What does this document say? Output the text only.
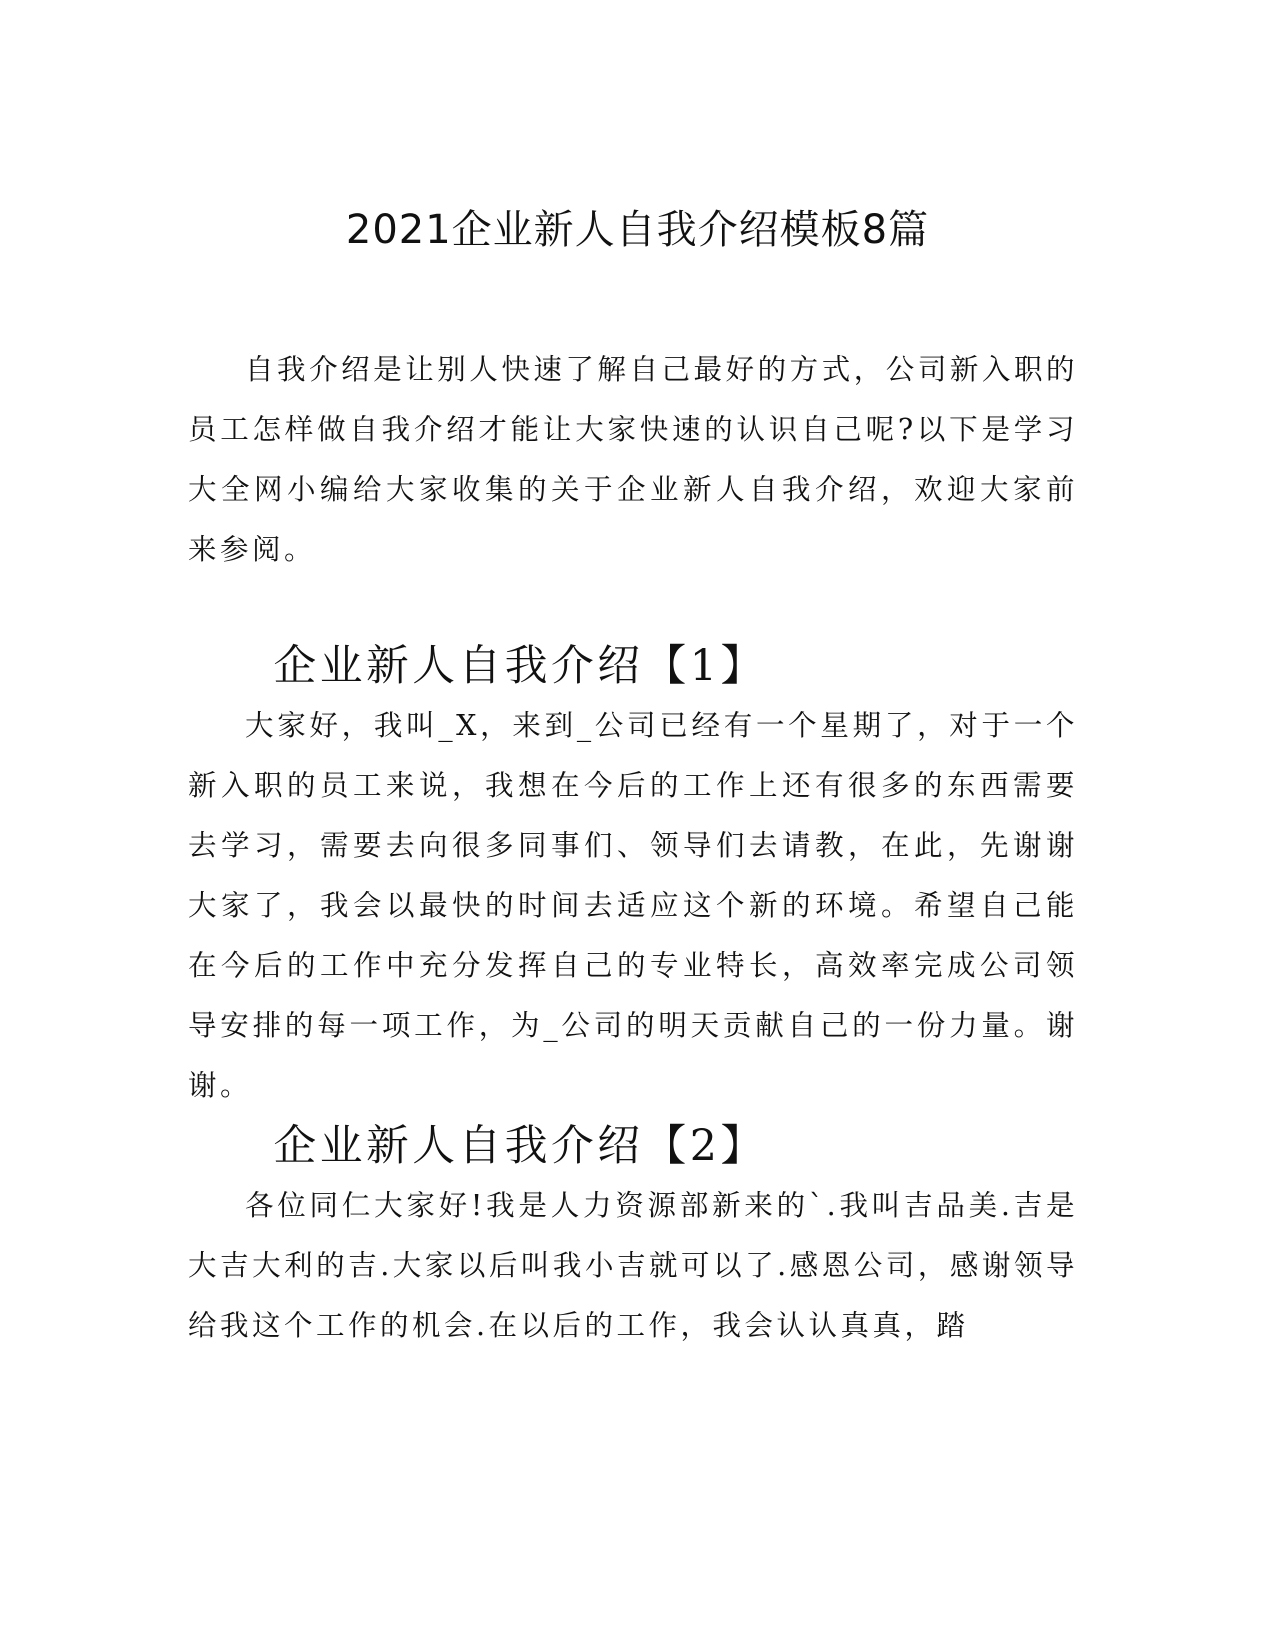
2021企业新人自我介绍模板8篇

自我介绍是让别人快速了解自己最好的方式，公司新入职的员工怎样做自我介绍才能让大家快速的认识自己呢?以下是学习大全网小编给大家收集的关于企业新人自我介绍，欢迎大家前来参阅。

企业新人自我介绍【1】

大家好，我叫_X，来到_公司已经有一个星期了，对于一个新入职的员工来说，我想在今后的工作上还有很多的东西需要去学习，需要去向很多同事们、领导们去请教，在此，先谢谢大家了，我会以最快的时间去适应这个新的环境。希望自己能在今后的工作中充分发挥自己的专业特长，高效率完成公司领导安排的每一项工作，为_公司的明天贡献自己的一份力量。谢谢。

企业新人自我介绍【2】

各位同仁大家好!我是人力资源部新来的`.我叫吉品美.吉是大吉大利的吉.大家以后叫我小吉就可以了.感恩公司，感谢领导给我这个工作的机会.在以后的工作，我会认认真真，踏
